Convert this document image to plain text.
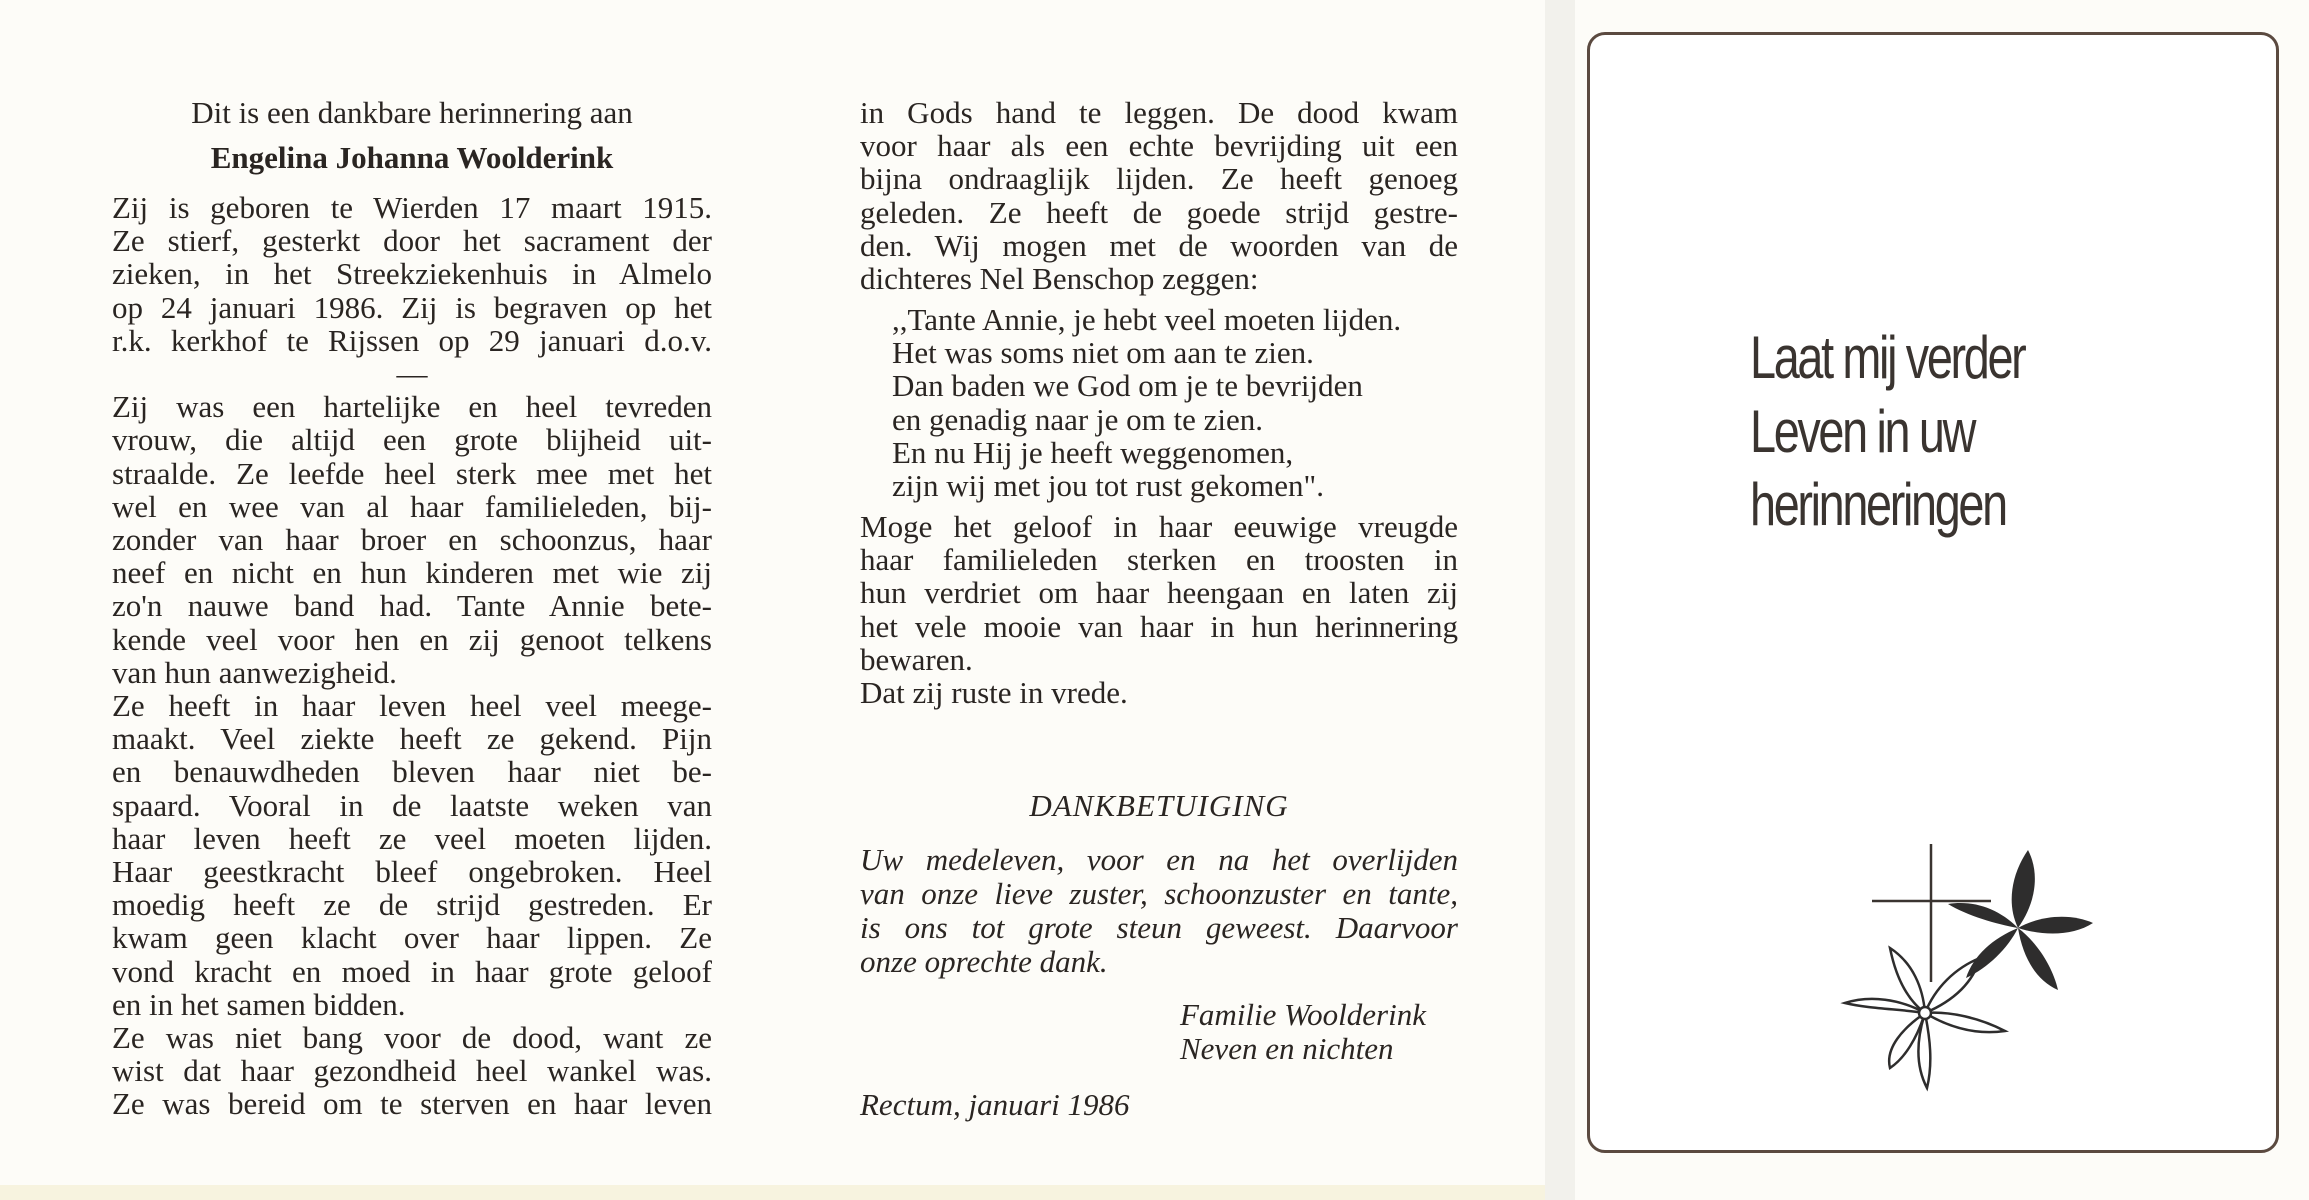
Dit is een dankbare herinnering aan
Engelina Johanna Woolderink
Zij is geboren te Wierden 17 maart 1915.
Ze stierf, gesterkt door het sacrament der
zieken, in het Streekziekenhuis in Almelo
op 24 januari 1986. Zij is begraven op het
r.k. kerkhof te Rijssen op 29 januari d.o.v.
—
Zij was een hartelijke en heel tevreden
vrouw, die altijd een grote blijheid uit-
straalde. Ze leefde heel sterk mee met het
wel en wee van al haar familieleden, bij-
zonder van haar broer en schoonzus, haar
neef en nicht en hun kinderen met wie zij
zo'n nauwe band had. Tante Annie bete-
kende veel voor hen en zij genoot telkens
van hun aanwezigheid.
Ze heeft in haar leven heel veel meege-
maakt. Veel ziekte heeft ze gekend. Pijn
en benauwdheden bleven haar niet be-
spaard. Vooral in de laatste weken van
haar leven heeft ze veel moeten lijden.
Haar geestkracht bleef ongebroken. Heel
moedig heeft ze de strijd gestreden. Er
kwam geen klacht over haar lippen. Ze
vond kracht en moed in haar grote geloof
en in het samen bidden.
Ze was niet bang voor de dood, want ze
wist dat haar gezondheid heel wankel was.
Ze was bereid om te sterven en haar leven
in Gods hand te leggen. De dood kwam
voor haar als een echte bevrijding uit een
bijna ondraaglijk lijden. Ze heeft genoeg
geleden. Ze heeft de goede strijd gestre-
den. Wij mogen met de woorden van de
dichteres Nel Benschop zeggen:
,,Tante Annie, je hebt veel moeten lijden.
Het was soms niet om aan te zien.
Dan baden we God om je te bevrijden
en genadig naar je om te zien.
En nu Hij je heeft weggenomen,
zijn wij met jou tot rust gekomen".
Moge het geloof in haar eeuwige vreugde
haar familieleden sterken en troosten in
hun verdriet om haar heengaan en laten zij
het vele mooie van haar in hun herinnering
bewaren.
Dat zij ruste in vrede.
Uw medeleven, voor en na het overlijden
van onze lieve zuster, schoonzuster en tante,
is ons tot grote steun geweest. Daarvoor
onze oprechte dank.
DANKBETUIGING
Familie Woolderink
Neven en nichten
Rectum, januari 1986
Laat mij verder
Leven in uw
herinneringen
